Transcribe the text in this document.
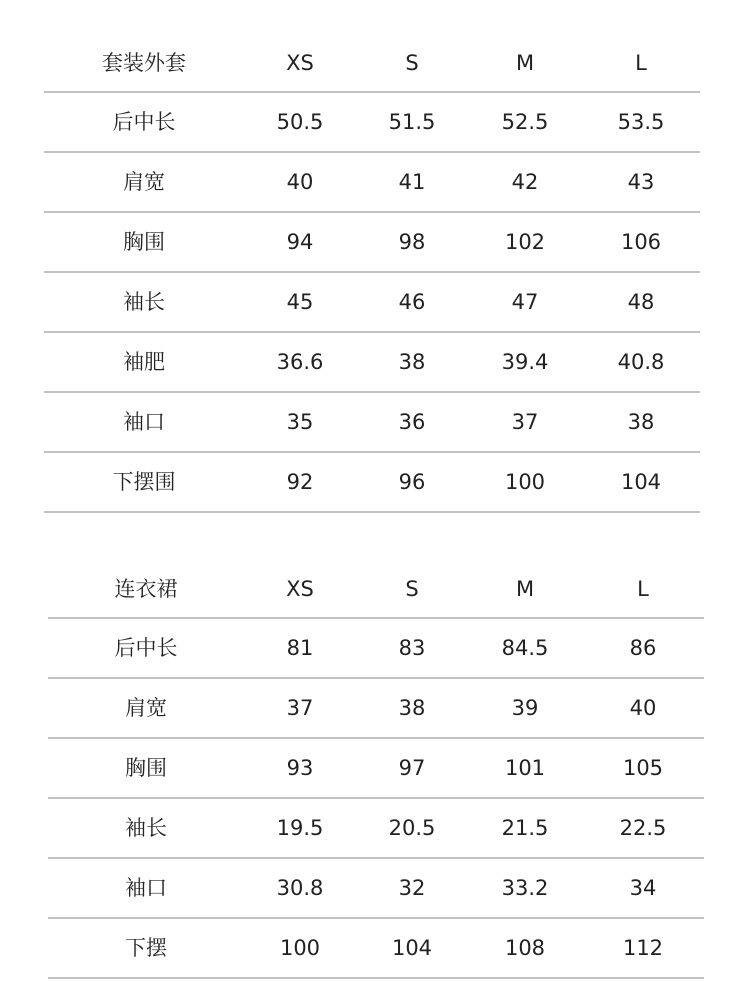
套装外套	XS	S	M	L
后中长	50.5	51.5	52.5	53.5
肩宽	40	41	42	43
胸围	94	98	102	106
袖长	45	46	47	48
袖肥	36.6	38	39.4	40.8
袖口	35	36	37	38
下摆围	92	96	100	104
连衣裙	XS	S	M	L
后中长	81	83	84.5	86
肩宽	37	38	39	40
胸围	93	97	101	105
袖长	19.5	20.5	21.5	22.5
袖口	30.8	32	33.2	34
下摆	100	104	108	112
